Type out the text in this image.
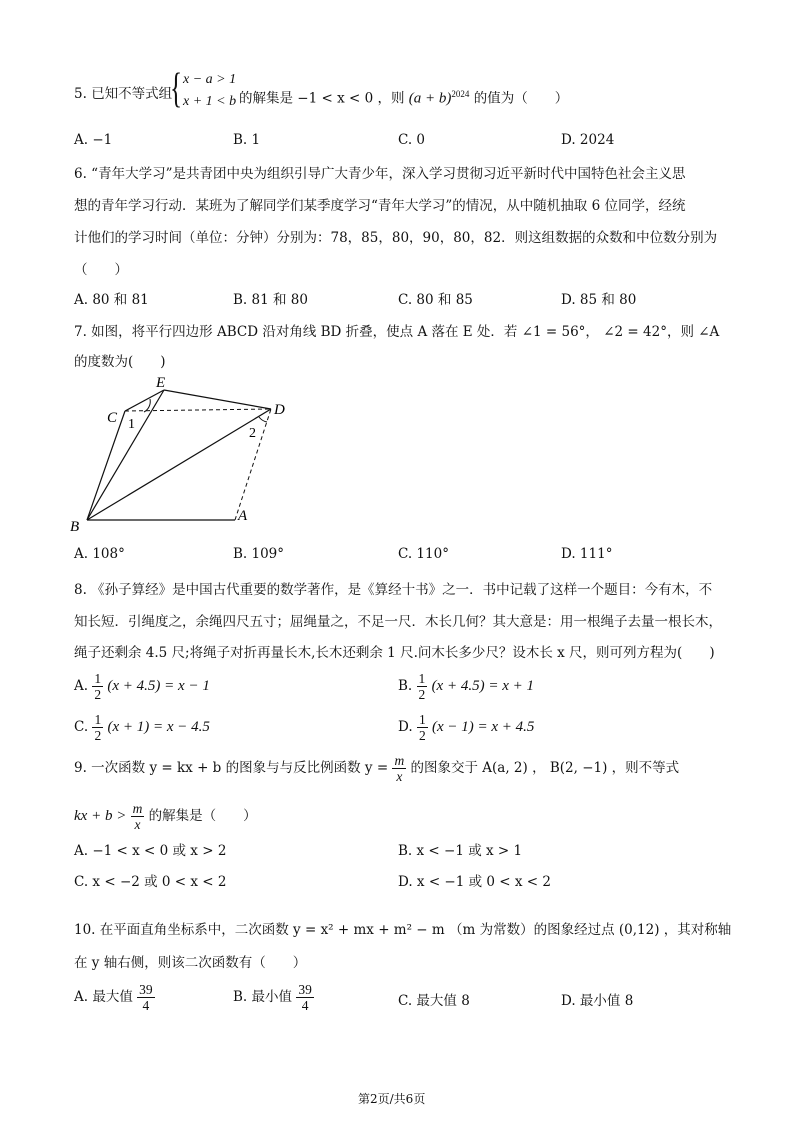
5. 已知不等式组
{ x − a > 1
x + 1 < b 的解集是 −1 < x < 0 ，则 $(a + b)^{2024}$ 的值为（　　）
A. −1	B. 1	C. 0	D. 2024
6. “青年大学习”是共青团中央为组织引导广大青少年，深入学习贯彻习近平新时代中国特色社会主义思
想的青年学习行动．某班为了解同学们某季度学习“青年大学习”的情况，从中随机抽取 6 位同学，经统
计他们的学习时间（单位：分钟）分别为：78，85，80，90，80，82．则这组数据的众数和中位数分别为
（　　）
A. 80 和 81	B. 81 和 80	C. 80 和 85	D. 85 和 80
7. 如图，将平行四边形 ABCD 沿对角线 BD 折叠，使点 A 落在 E 处．若 ∠1 = 56°， ∠2 = 42°，则 ∠A
的度数为(　　)
E
C	D
B
A
1
2
A. 108°	B. 109°	C. 110°	D. 111°
8. 《孙子算经》是中国古代重要的数学著作，是《算经十书》之一．书中记载了这样一个题目：今有木，不
知长短．引绳度之，余绳四尺五寸；屈绳量之，不足一尺．木长几何？其大意是：用一根绳子去量一根长木，
绳子还剩余 4.5 尺;将绳子对折再量长木,长木还剩余 1 尺.问木长多少尺？设木长 x 尺，则可列方程为(　　)
A. $\frac{1}{2} (x + 4.5) = x - 1$	B. $\frac{1}{2} (x + 4.5) = x + 1$
C. $\frac{1}{2} (x + 1) = x - 4.5$	D. $\frac{1}{2} (x - 1) = x + 4.5$
9. 一次函数 y = kx + b 的图象与与反比例函数 $y = \frac{m}{x}$ 的图象交于 A(a, 2) ， B(2, −1) ，则不等式
kx + $b > \frac{m}{x}$ 的解集是（　　）
A. −1 < x < 0 或 x > 2	B. x < −1 或 x > 1
C. x < −2 或 0 < x < 2	D. x < −1 或 0 < x < 2
10. 在平面直角坐标系中，二次函数 y = x² + mx + m² − m （m 为常数）的图象经过点 (0,12) ，其对称轴
在 y 轴右侧，则该二次函数有（　　）
A. 最大值 $\frac{39}{4}$	B. 最小值 $\frac{39}{4}$	C. 最大值 8	D. 最小值 8
第2页/共6页
